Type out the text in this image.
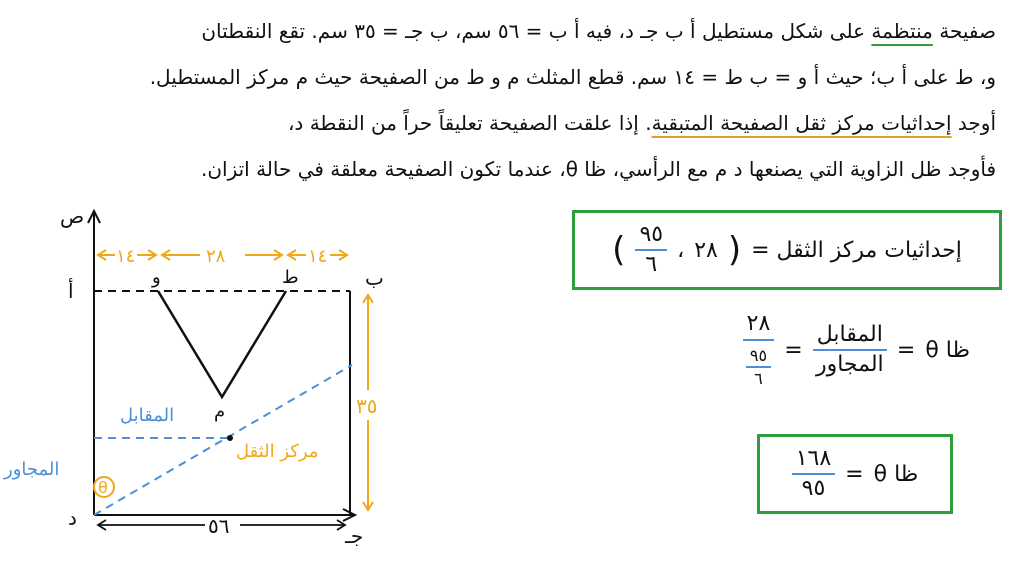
صفيحة منتظمة على شكل مستطيل أ ب جـ د، فيه أ ب = ٥٦ سم، ب جـ = ٣٥ سم. تقع النقطتان

و، ط على أ ب؛ حيث أ و = ب ط = ١٤ سم. قطع المثلث م و ط من الصفيحة حيث م مركز المستطيل.

أوجد إحداثيات مركز ثقل الصفيحة المتبقية. إذا علقت الصفيحة تعليقاً حراً من النقطة د،

فأوجد ظل الزاوية التي يصنعها د م مع الرأسي، ظا θ، عندما تكون الصفيحة معلقة في حالة اتزان.

ص
أ
ب
جـ
د
و	ط
م
١٤	٢٨	١٤
٣٥
٥٦
المقابل
المجاور
مركز الثقل
θ
إحداثيات مركز الثقل =
(
٢٨
،
$\frac{٩٥}{٦}$
)
ظا θ
=
$\frac{\text{المقابل}}{\text{المجاور}}$
=
$\frac{٢٨}{\frac{٩٥}{٦}}$
ظا θ
=
$\frac{١٦٨}{٩٥}$
